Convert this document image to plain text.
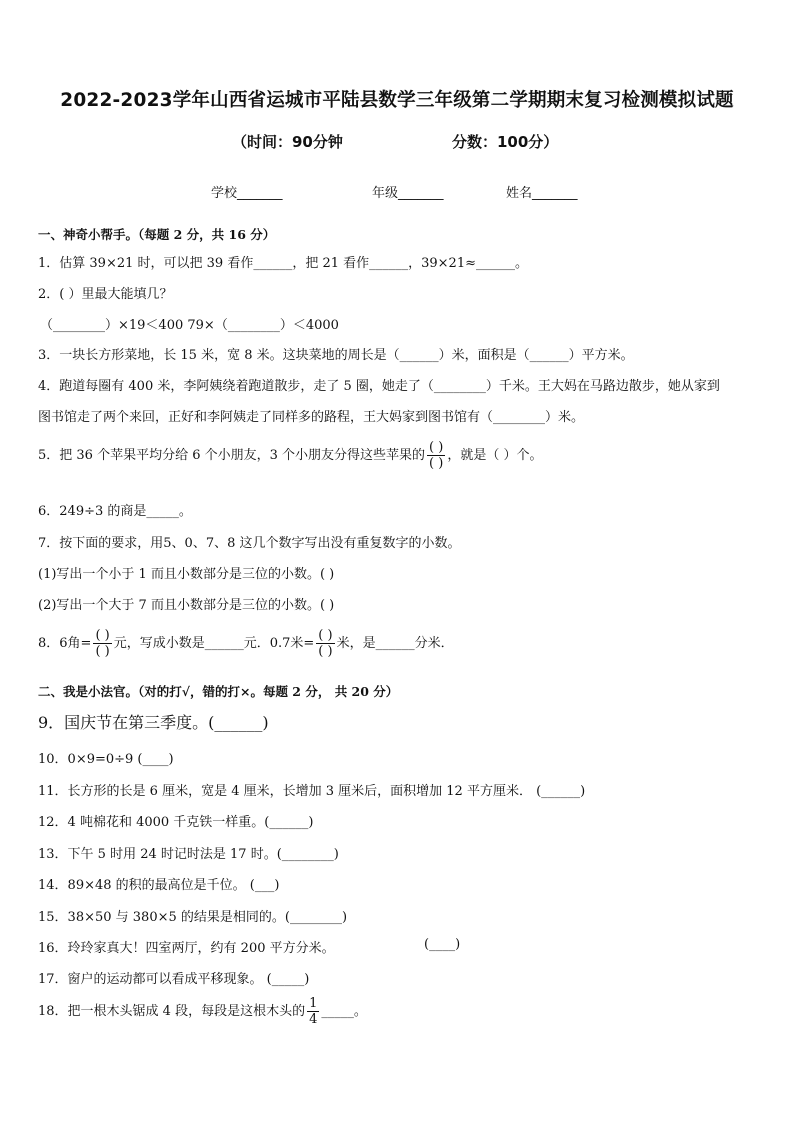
2022-2023学年山西省运城市平陆县数学三年级第二学期期末复习检测模拟试题
（时间：90分钟	分数：100分）
学校_______	年级_______	姓名_______
一、神奇小帮手。（每题 2 分，共 16 分）
1．估算 39×21 时，可以把 39 看作______，把 21 看作______，39×21≈______。
2．( ）里最大能填几？
（________）×19＜400 79×（________）＜4000
3．一块长方形菜地，长 15 米，宽 8 米。这块菜地的周长是（______）米，面积是（______）平方米。
4．跑道每圈有 400 米，李阿姨绕着跑道散步，走了 5 圈，她走了（________）千米。王大妈在马路边散步，她从家到
图书馆走了两个来回，正好和李阿姨走了同样多的路程，王大妈家到图书馆有（________）米。
5．把 36 个苹果平均分给 6 个小朋友，3 个小朋友分得这些苹果的 $\frac{( )}{( )}$ ，就是（ ）个。
6．249÷3 的商是_____。
7．按下面的要求，用5、0、7、8 这几个数字写出没有重复数字的小数。
(1)写出一个小于 1 而且小数部分是三位的小数。( )
(2)写出一个大于 7 而且小数部分是三位的小数。( )
8．6角= $\frac{( )}{( )}$ 元，写成小数是______元．0.7米= $\frac{( )}{( )}$ 米，是______分米．
二、我是小法官。（对的打√，错的打×。每题 2 分， 共 20 分）
9．国庆节在第三季度。(______)
10．0×9=0÷9 (____)
11．长方形的长是 6 厘米，宽是 4 厘米，长增加 3 厘米后，面积增加 12 平方厘米． (______)
12．4 吨棉花和 4000 千克铁一样重。(______)
13．下午 5 时用 24 时记时法是 17 时。(________)
14．89×48 的积的最高位是千位。 (___)
15．38×50 与 380×5 的结果是相同的。(________)
16．玲玲家真大！四室两厅，约有 200 平方分米。	(____)
17．窗户的运动都可以看成平移现象。 (_____)
18．把一根木头锯成 4 段，每段是这根木头的 $\frac{1}{4}$ _____。
